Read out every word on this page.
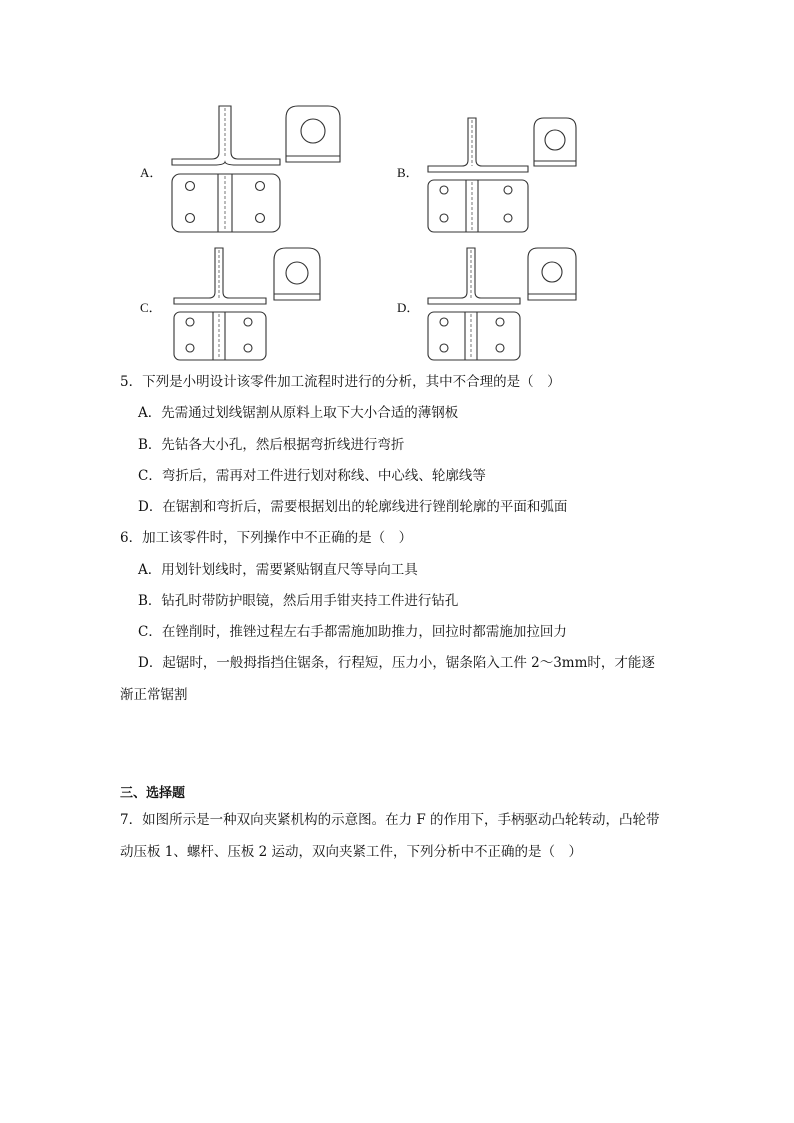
A．	B．
C．	D．
5．下列是小明设计该零件加工流程时进行的分析，其中不合理的是（　）
A．先需通过划线锯割从原料上取下大小合适的薄钢板
B．先钻各大小孔，然后根据弯折线进行弯折
C．弯折后，需再对工件进行划对称线、中心线、轮廓线等
D．在锯割和弯折后，需要根据划出的轮廓线进行锉削轮廓的平面和弧面
6．加工该零件时，下列操作中不正确的是（　）
A．用划针划线时，需要紧贴钢直尺等导向工具
B．钻孔时带防护眼镜，然后用手钳夹持工件进行钻孔
C．在锉削时，推锉过程左右手都需施加助推力，回拉时都需施加拉回力
D．起锯时，一般拇指挡住锯条，行程短，压力小，锯条陷入工件 2～3mm时，才能逐
渐正常锯割
三、选择题
7．如图所示是一种双向夹紧机构的示意图。在力 F 的作用下，手柄驱动凸轮转动，凸轮带
动压板 1、螺杆、压板 2 运动，双向夹紧工件，下列分析中不正确的是（　）
